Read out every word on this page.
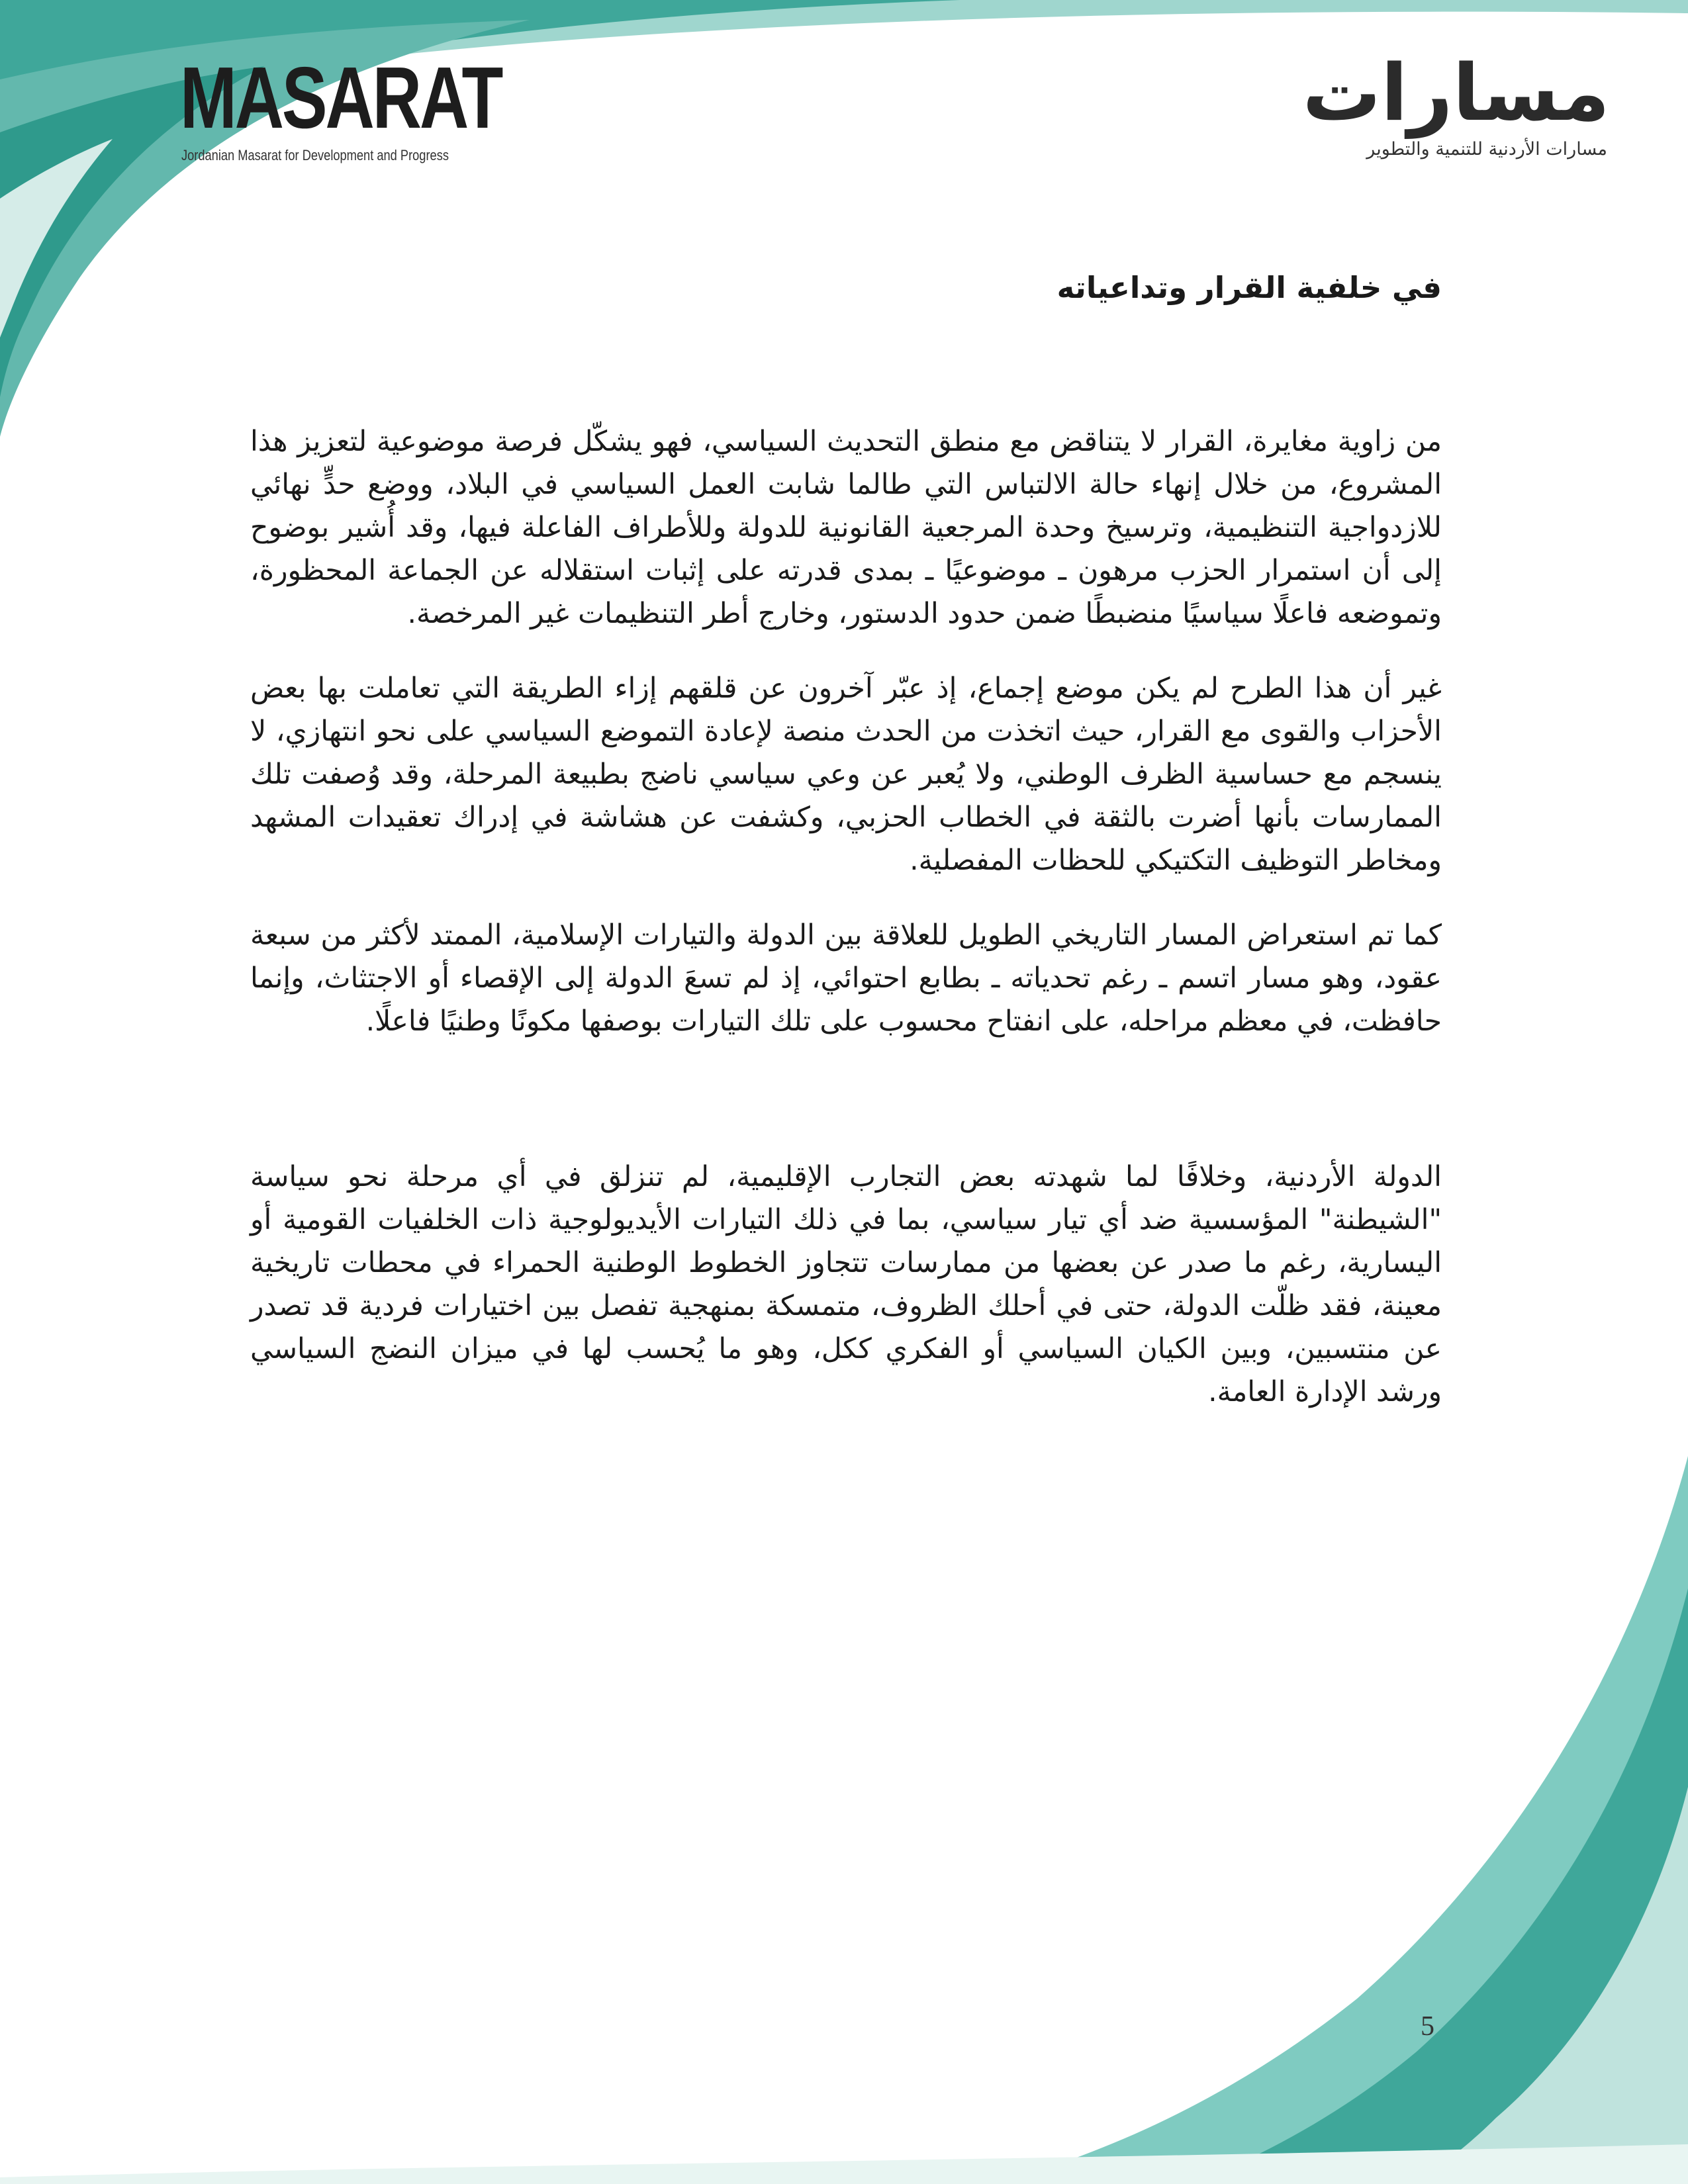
MASARAT
Jordanian Masarat for Development and Progress
مسارات
مسارات الأردنية للتنمية والتطوير
في خلفية القرار وتداعياته

من زاوية مغايرة، القرار لا يتناقض مع منطق التحديث السياسي، فهو يشكّل فرصة موضوعية لتعزيز هذا المشروع، من خلال إنهاء حالة الالتباس التي طالما شابت العمل السياسي في البلاد، ووضع حدٍّ نهائي للازدواجية التنظيمية، وترسيخ وحدة المرجعية القانونية للدولة وللأطراف الفاعلة فيها، وقد أُشير بوضوح إلى أن استمرار الحزب مرهون ـ موضوعيًا ـ بمدى قدرته على إثبات استقلاله عن الجماعة المحظورة، وتموضعه فاعلًا سياسيًا منضبطًا ضمن حدود الدستور، وخارج أطر التنظيمات غير المرخصة.

غير أن هذا الطرح لم يكن موضع إجماع، إذ عبّر آخرون عن قلقهم إزاء الطريقة التي تعاملت بها بعض الأحزاب والقوى مع القرار، حيث اتخذت من الحدث منصة لإعادة التموضع السياسي على نحو انتهازي، لا ينسجم مع حساسية الظرف الوطني، ولا يُعبر عن وعي سياسي ناضج بطبيعة المرحلة، وقد وُصفت تلك الممارسات بأنها أضرت بالثقة في الخطاب الحزبي، وكشفت عن هشاشة في إدراك تعقيدات المشهد ومخاطر التوظيف التكتيكي للحظات المفصلية.

كما تم استعراض المسار التاريخي الطويل للعلاقة بين الدولة والتيارات الإسلامية، الممتد لأكثر من سبعة عقود، وهو مسار اتسم ـ رغم تحدياته ـ بطابع احتوائي، إذ لم تسعَ الدولة إلى الإقصاء أو الاجتثاث، وإنما حافظت، في معظم مراحله، على انفتاح محسوب على تلك التيارات بوصفها مكونًا وطنيًا فاعلًا.

الدولة الأردنية، وخلافًا لما شهدته بعض التجارب الإقليمية، لم تنزلق في أي مرحلة نحو سياسة "الشيطنة" المؤسسية ضد أي تيار سياسي، بما في ذلك التيارات الأيديولوجية ذات الخلفيات القومية أو اليسارية، رغم ما صدر عن بعضها من ممارسات تتجاوز الخطوط الوطنية الحمراء في محطات تاريخية معينة، فقد ظلّت الدولة، حتى في أحلك الظروف، متمسكة بمنهجية تفصل بين اختيارات فردية قد تصدر عن منتسبين، وبين الكيان السياسي أو الفكري ككل، وهو ما يُحسب لها في ميزان النضج السياسي ورشد الإدارة العامة.

5
